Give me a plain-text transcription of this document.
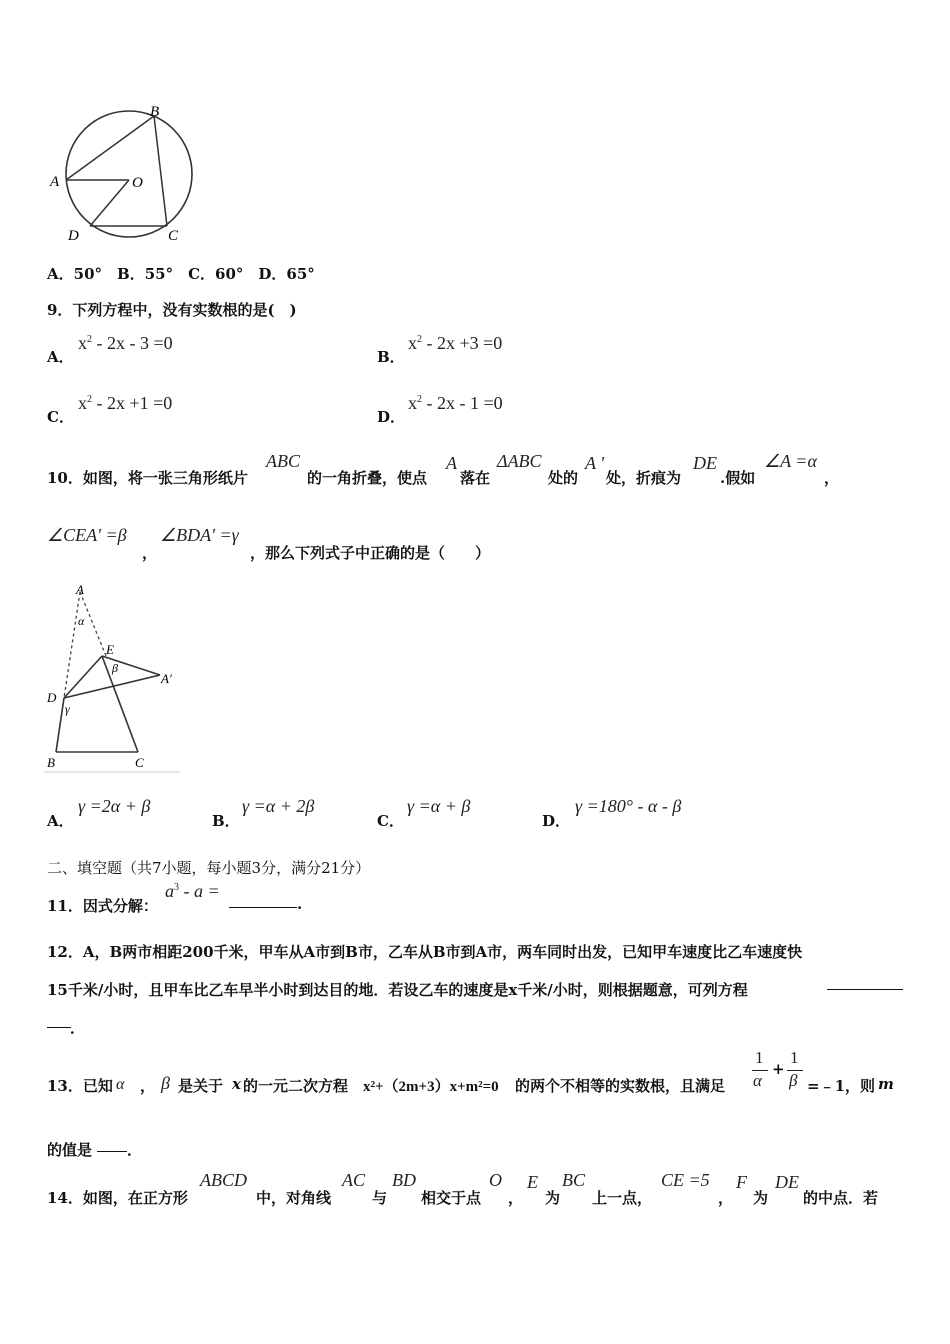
B
A	O
D	C
A．50°　B．55°　C．60°　D．65°
9．下列方程中，没有实数根的是(　)
A．
$x^2 - 2x - 3 =0$
B．
$x^2 - 2x +3 =0$
C．
$x^2 - 2x +1 =0$
D．
$x^2 - 2x - 1 =0$
10．如图，将一张三角形纸片
ABC
的一角折叠，使点
A
落在
ΔABC
处的
A '
处，折痕为
DE
.假如
∠A =α
，
∠CEA' =β
，
∠BDA' =γ
，那么下列式子中正确的是（　　）
A
α
E
β
A′
D
γ
B	C
A．
γ =2α + β
B．
γ =α + 2β
C．
γ =α + β
D．
γ =180° - α - β
二、填空题（共7小题，每小题3分，满分21分）
11．因式分解：
$a^3$ - a =
.
12．A，B两市相距200千米，甲车从A市到B市，乙车从B市到A市，两车同时出发，已知甲车速度比乙车速度快
15千米/小时，且甲车比乙车早半小时到达目的地．若设乙车的速度是x千米/小时，则根据题意，可列方程
．
13．已知 α ， β 是关于 x 的一元二次方程 x²+（2m+3）x+m²=0 的两个不相等的实数根，且满足
1
α
+
1
β =﹣1，则 m
的值是 ．
14．如图，在正方形
ABCD
中，对角线
AC
与
BD
相交于点
O
，
E
为
BC
上一点，
CE =5
，
F
为
DE
的中点．若
